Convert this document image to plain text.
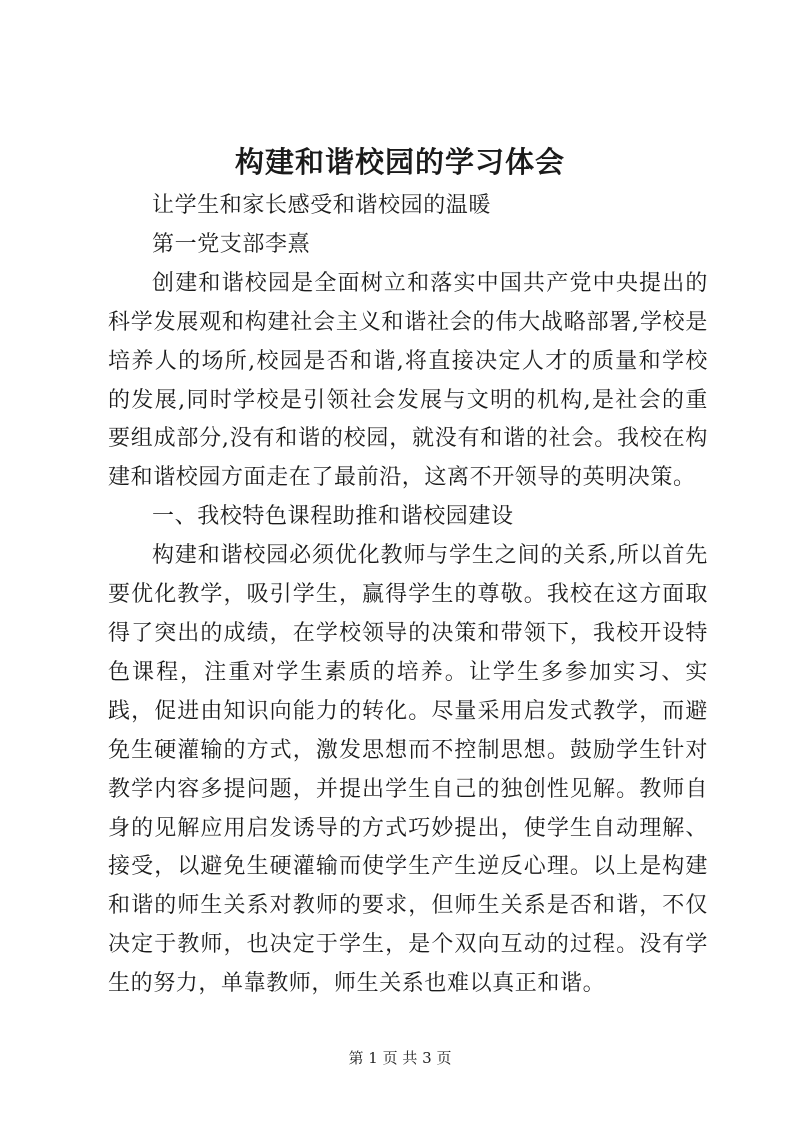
构建和谐校园的学习体会

让学生和家长感受和谐校园的温暖

第一党支部李熹

创建和谐校园是全面树立和落实中国共产党中央提出的科学发展观和构建社会主义和谐社会的伟大战略部署,学校是培养人的场所,校园是否和谐,将直接决定人才的质量和学校的发展,同时学校是引领社会发展与文明的机构,是社会的重要组成部分,没有和谐的校园，就没有和谐的社会。我校在构建和谐校园方面走在了最前沿，这离不开领导的英明决策。

一、我校特色课程助推和谐校园建设

构建和谐校园必须优化教师与学生之间的关系,所以首先要优化教学，吸引学生，赢得学生的尊敬。我校在这方面取得了突出的成绩，在学校领导的决策和带领下，我校开设特色课程，注重对学生素质的培养。让学生多参加实习、实践，促进由知识向能力的转化。尽量采用启发式教学，而避免生硬灌输的方式，激发思想而不控制思想。鼓励学生针对教学内容多提问题，并提出学生自己的独创性见解。教师自身的见解应用启发诱导的方式巧妙提出，使学生自动理解、接受，以避免生硬灌输而使学生产生逆反心理。以上是构建和谐的师生关系对教师的要求，但师生关系是否和谐，不仅决定于教师，也决定于学生，是个双向互动的过程。没有学生的努力，单靠教师，师生关系也难以真正和谐。

第 1 页 共 3 页
